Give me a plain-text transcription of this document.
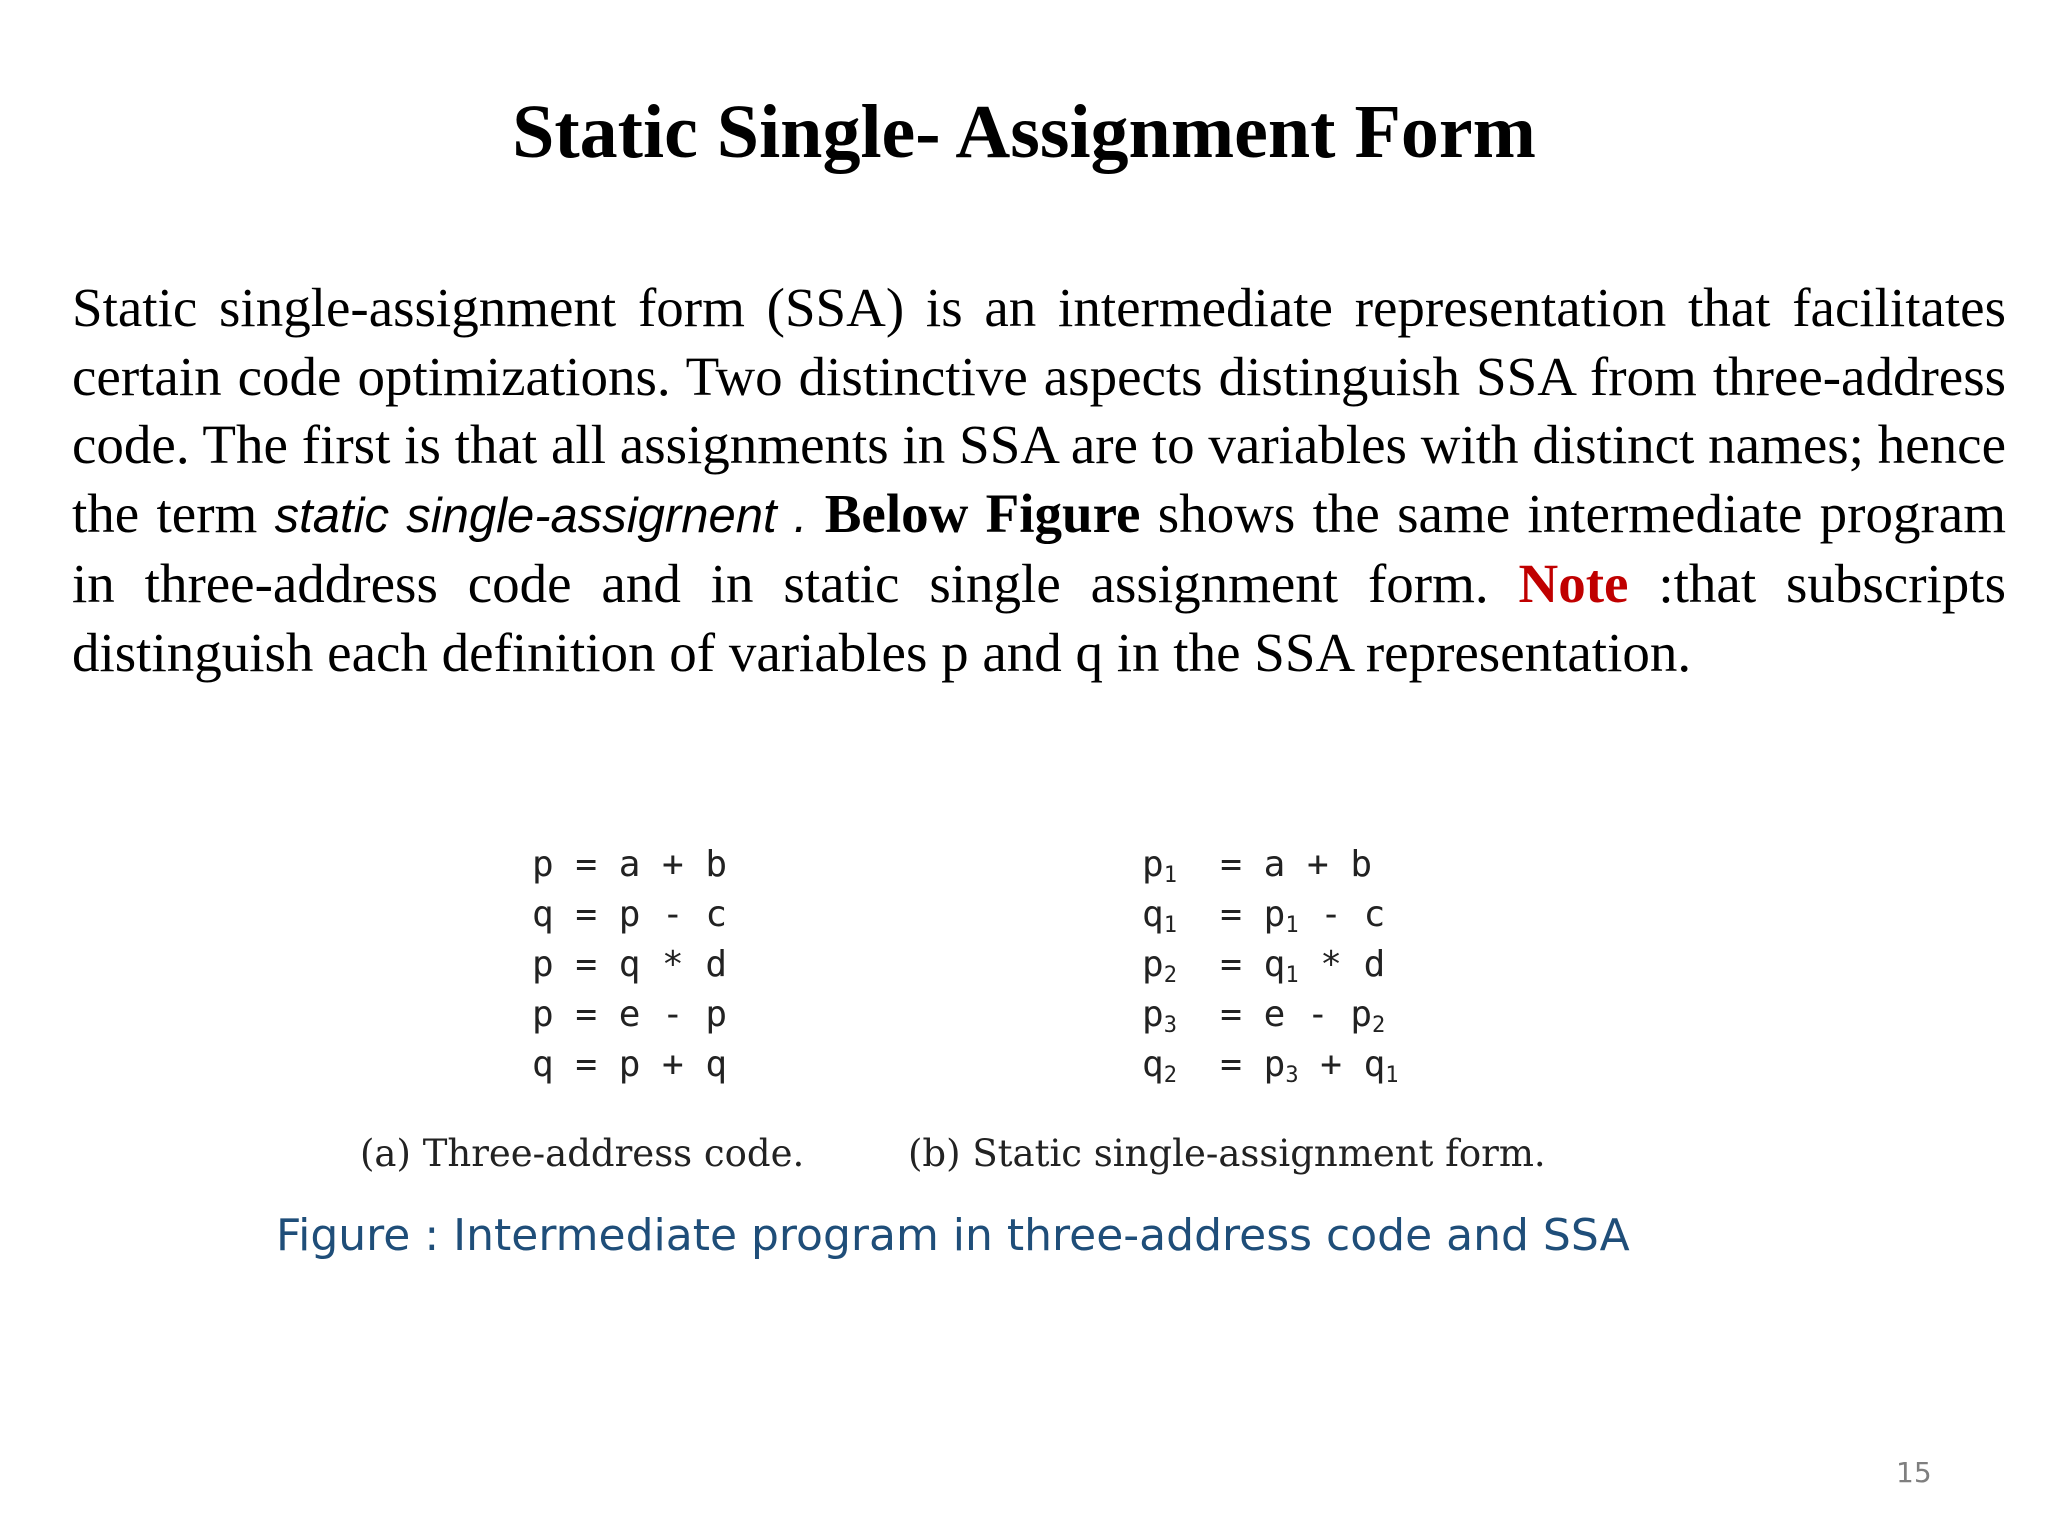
Static Single- Assignment Form

Static single-assignment form (SSA) is an intermediate representation that facilitates certain code optimizations. Two distinctive aspects distinguish SSA from three-address code. The first is that all assignments in SSA are to variables with distinct names; hence the term static single-assigrnent . Below Figure shows the same intermediate program in three-address code and in static single assignment form. Note :that subscripts distinguish each definition of variables p and q in the SSA representation.

p = a + b
q = p - c
p = q * d
p = e - p
q = p + q
$p_1 = a + b$
$q_1 = p_1 - c$
$p_2 = q_1 * d$
$p_3 = e - p_2$
$q_2 = p_3 + q_1$
(a) Three-address code.	(b) Static single-assignment form.
Figure : Intermediate program in three-address code and SSA
15
